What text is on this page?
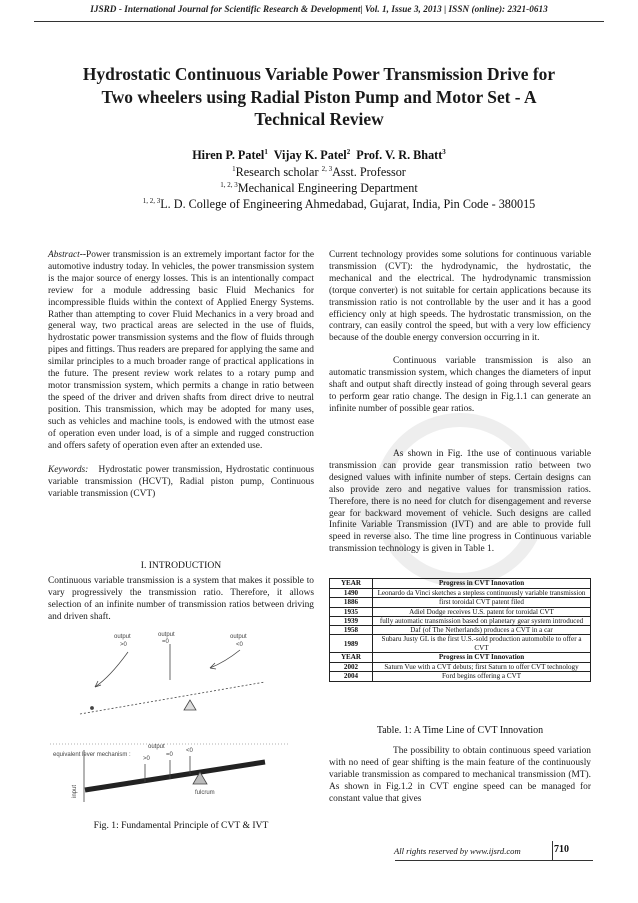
IJSRD - International Journal for Scientific Research & Development| Vol. 1, Issue 3, 2013 | ISSN (online): 2321-0613
Hydrostatic Continuous Variable Power Transmission Drive for
Two wheelers using Radial Piston Pump and Motor Set - A
Technical Review
Hiren P. Patel$^1$ Vijay K. Patel$^2$ Prof. V. R. Bhatt$^3$
$^1$Research scholar $^{2, 3}$Asst. Professor
$^{1, 2, 3}$Mechanical Engineering Department
$^{1, 2, 3}$L. D. College of Engineering Ahmedabad, Gujarat, India, Pin Code - 380015
Abstract--Power transmission is an extremely important factor for the automotive industry today. In vehicles, the power transmission system is the major source of energy losses. This is an intentionally compact review for a module addressing basic Fluid Mechanics for incompressible fluids within the context of Applied Energy Systems. Rather than attempting to cover Fluid Mechanics in a very broad and general way, two practical areas are selected in the use of fluids, hydrostatic power transmission systems and the flow of fluids through pipes and fittings. Thus readers are prepared for applying the same and similar principles to a much broader range of practical applications in the future. The present review work relates to a rotary pump and motor transmission system, which permits a change in ratio between the speed of the driver and driven shafts from direct drive to neutral position. This transmission, which may be adopted for many uses, such as vehicles and machine tools, is endowed with the utmost ease of operation even under load, is of a simple and rugged construction and offers safety of operation even after an extended use.
Keywords: Hydrostatic power transmission, Hydrostatic continuous variable transmission (HCVT), Radial piston pump, Continuous variable transmission (CVT)
I. INTRODUCTION
Continuous variable transmission is a system that makes it possible to vary progressively the transmission ratio. Therefore, it allows selection of an infinite number of transmission ratios between driving and driven shaft.
output
>0
output
=0
output
<0
equivalent lever mechanism :
output
>0
=0
<0
input	fulcrum
Fig. 1: Fundamental Principle of CVT & IVT
Current technology provides some solutions for continuous variable transmission (CVT): the hydrodynamic, the hydrostatic, the mechanical and the electrical. The hydrodynamic transmission (torque converter) is not suitable for certain applications because its transmission ratio is not controllable by the user and it has a good efficiency only at high speeds. The hydrostatic transmission, on the contrary, can easily control the speed, but with a very low efficiency because of the double energy conversion occurring in it.
Continuous variable transmission is also an automatic transmission system, which changes the diameters of input shaft and output shaft directly instead of going through several gears to perform gear ratio change. The design in Fig.1.1 can generate an infinite number of possible gear ratios.
As shown in Fig. 1the use of continuous variable transmission can provide gear transmission ratio between two designed values with infinite number of steps. Certain designs can also provide zero and negative values for transmission ratios. Therefore, there is no need for clutch for disengagement and reverse gear for backward movement of vehicle. Such designs are called Infinite Variable Transmission (IVT) and are able to provide full speed in reverse also. The time line progress in Continuous variable transmission technology is given in Table 1.
YEAR	Progress in CVT Innovation
1490	Leonardo da Vinci sketches a stepless continuously variable transmission
1886	first toroidal CVT patent filed
1935	Adiel Dodge receives U.S. patent for toroidal CVT
1939	fully automatic transmission based on planetary gear system introduced
1958	Daf (of The Netherlands) produces a CVT in a car
1989	Subaru Justy GL is the first U.S.-sold production automobile to offer a CVT
YEAR	Progress in CVT Innovation
2002	Saturn Vue with a CVT debuts; first Saturn to offer CVT technology
2004	Ford begins offering a CVT
Table. 1: A Time Line of CVT Innovation
The possibility to obtain continuous speed variation with no need of gear shifting is the main feature of the continuously variable transmission as compared to mechanical transmission (MT). As shown in Fig.1.2 in CVT engine speed can be managed for constant value that gives
All rights reserved by www.ijsrd.com	710
